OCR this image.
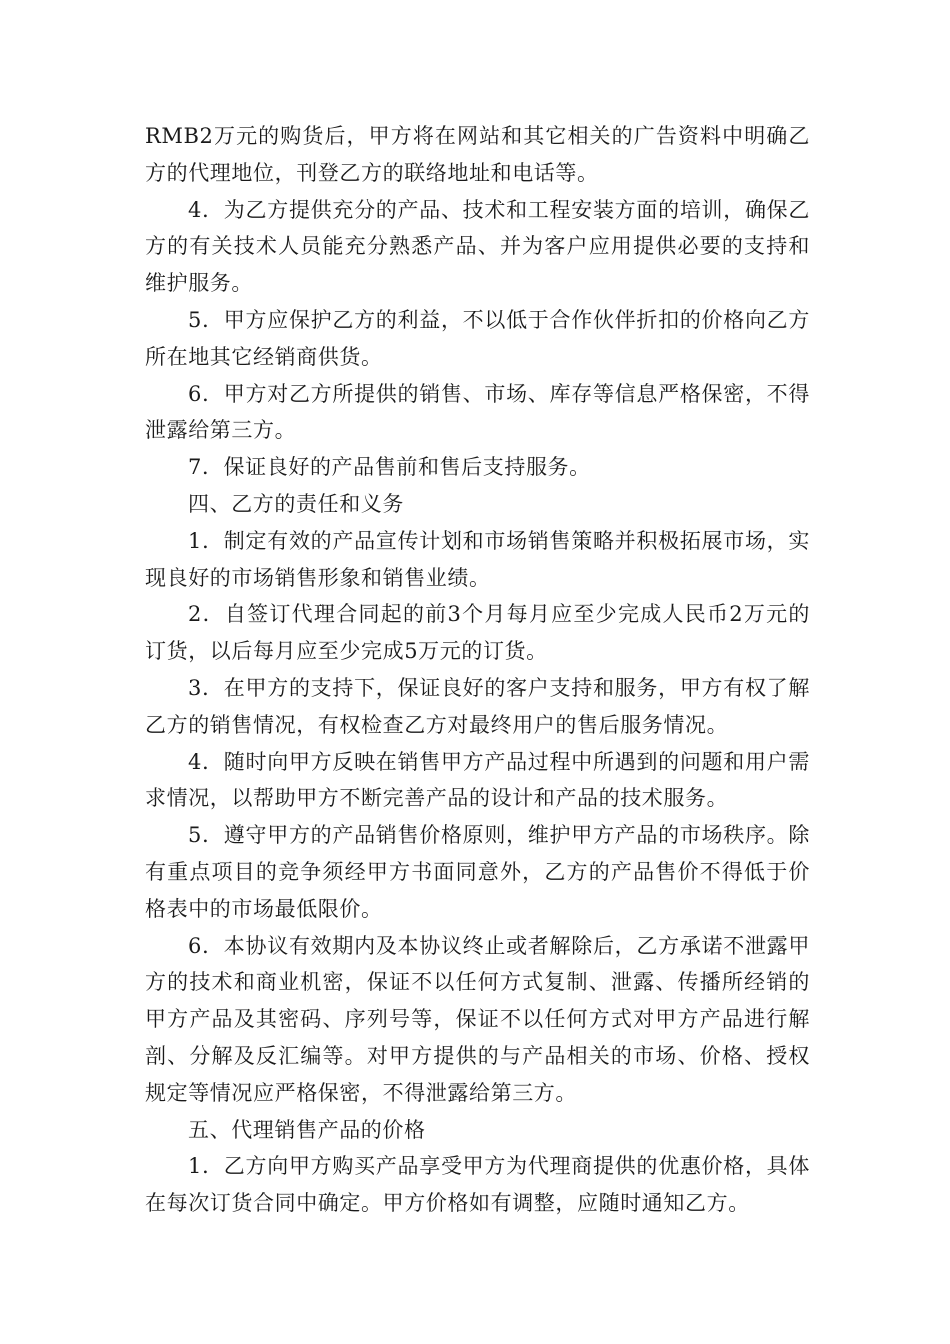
RMB2万元的购货后，甲方将在网站和其它相关的广告资料中明确乙方的代理地位，刊登乙方的联络地址和电话等。

4．为乙方提供充分的产品、技术和工程安装方面的培训，确保乙方的有关技术人员能充分熟悉产品、并为客户应用提供必要的支持和维护服务。

5．甲方应保护乙方的利益，不以低于合作伙伴折扣的价格向乙方所在地其它经销商供货。

6．甲方对乙方所提供的销售、市场、库存等信息严格保密，不得泄露给第三方。

7．保证良好的产品售前和售后支持服务。

四、乙方的责任和义务

1．制定有效的产品宣传计划和市场销售策略并积极拓展市场，实现良好的市场销售形象和销售业绩。

2．自签订代理合同起的前3个月每月应至少完成人民币2万元的订货，以后每月应至少完成5万元的订货。

3．在甲方的支持下，保证良好的客户支持和服务，甲方有权了解乙方的销售情况，有权检查乙方对最终用户的售后服务情况。

4．随时向甲方反映在销售甲方产品过程中所遇到的问题和用户需求情况，以帮助甲方不断完善产品的设计和产品的技术服务。

5．遵守甲方的产品销售价格原则，维护甲方产品的市场秩序。除有重点项目的竞争须经甲方书面同意外，乙方的产品售价不得低于价格表中的市场最低限价。

6．本协议有效期内及本协议终止或者解除后，乙方承诺不泄露甲方的技术和商业机密，保证不以任何方式复制、泄露、传播所经销的甲方产品及其密码、序列号等，保证不以任何方式对甲方产品进行解剖、分解及反汇编等。对甲方提供的与产品相关的市场、价格、授权规定等情况应严格保密，不得泄露给第三方。

五、代理销售产品的价格

1．乙方向甲方购买产品享受甲方为代理商提供的优惠价格，具体在每次订货合同中确定。甲方价格如有调整，应随时通知乙方。
